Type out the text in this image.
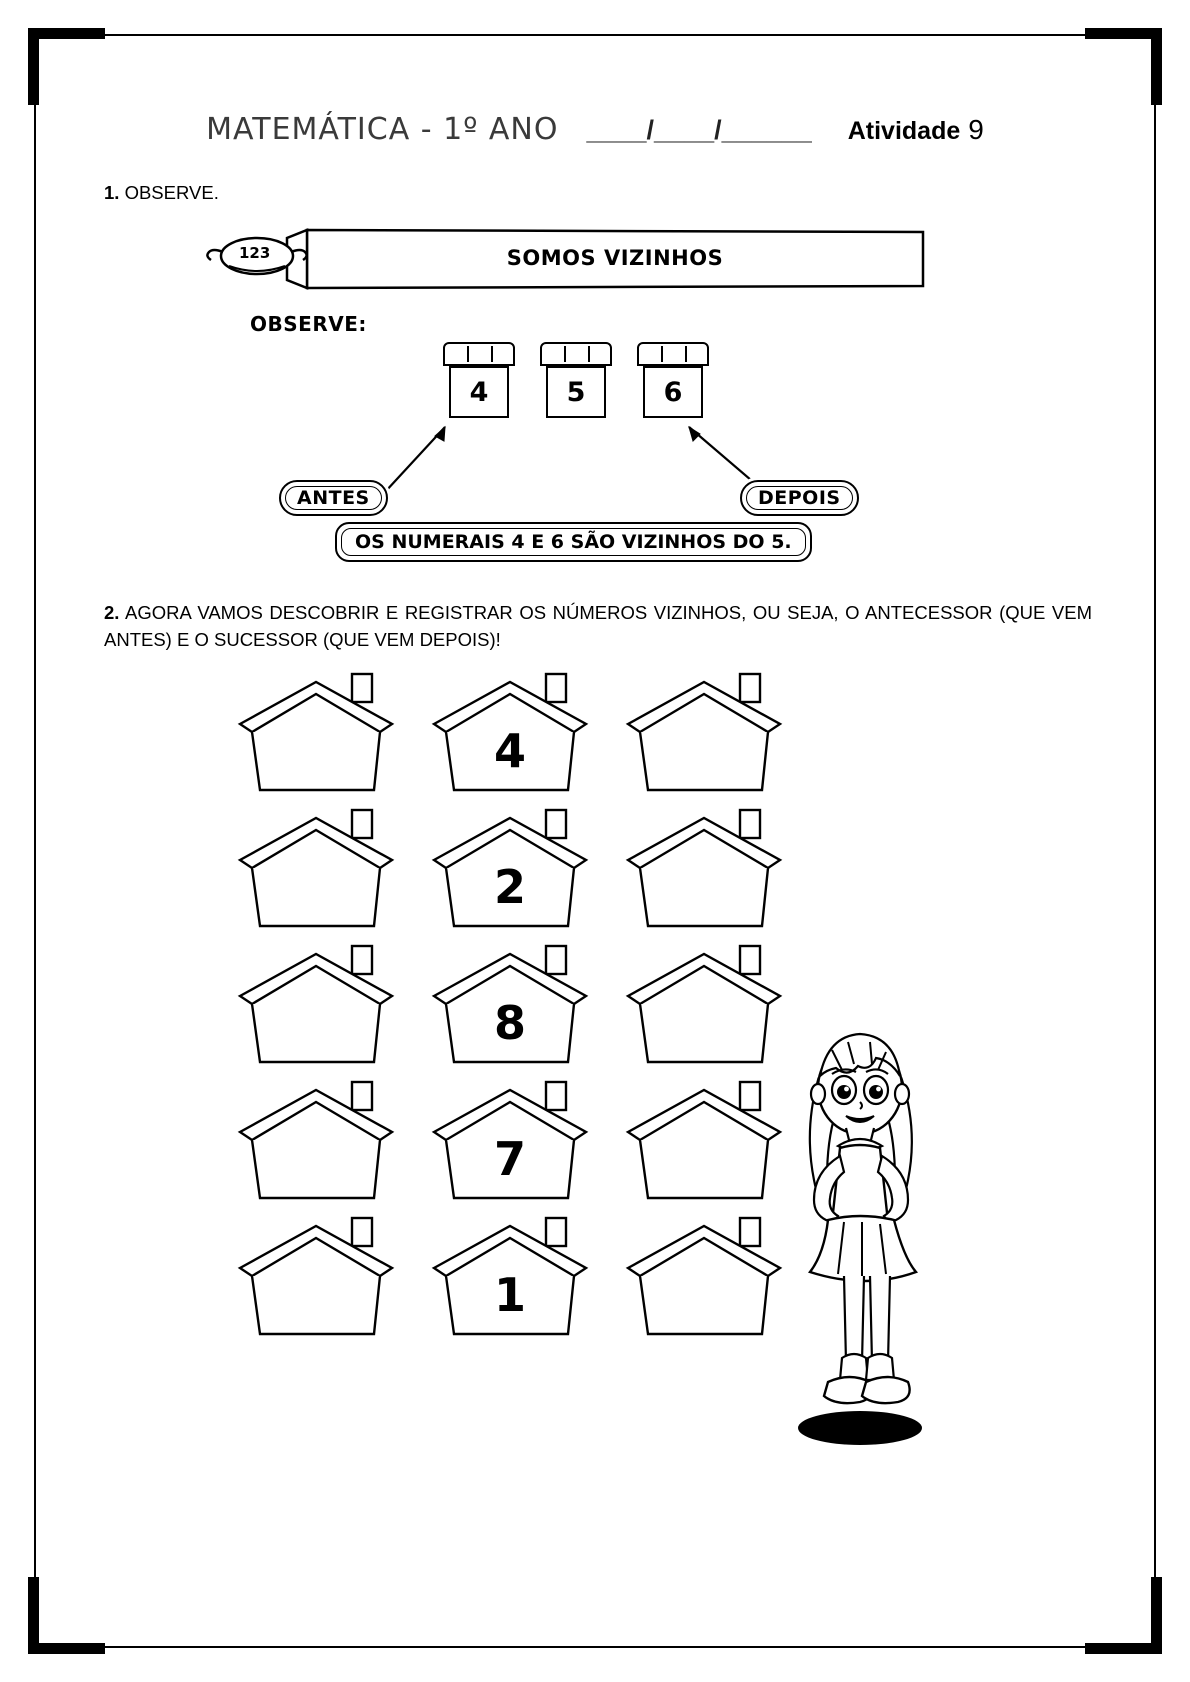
MATEMÁTICA - 1º ANO ____/____/______ Atividade 9
1. OBSERVE.
123	SOMOS VIZINHOS
OBSERVE:
4	5	6
ANTES	DEPOIS
OS NUMERAIS 4 E 6 SÃO VIZINHOS DO 5.
2. AGORA VAMOS DESCOBRIR E REGISTRAR OS NÚMEROS VIZINHOS, OU SEJA, O ANTECESSOR (QUE VEM ANTES) E O SUCESSOR (QUE VEM DEPOIS)!
4
2
8
7
1
